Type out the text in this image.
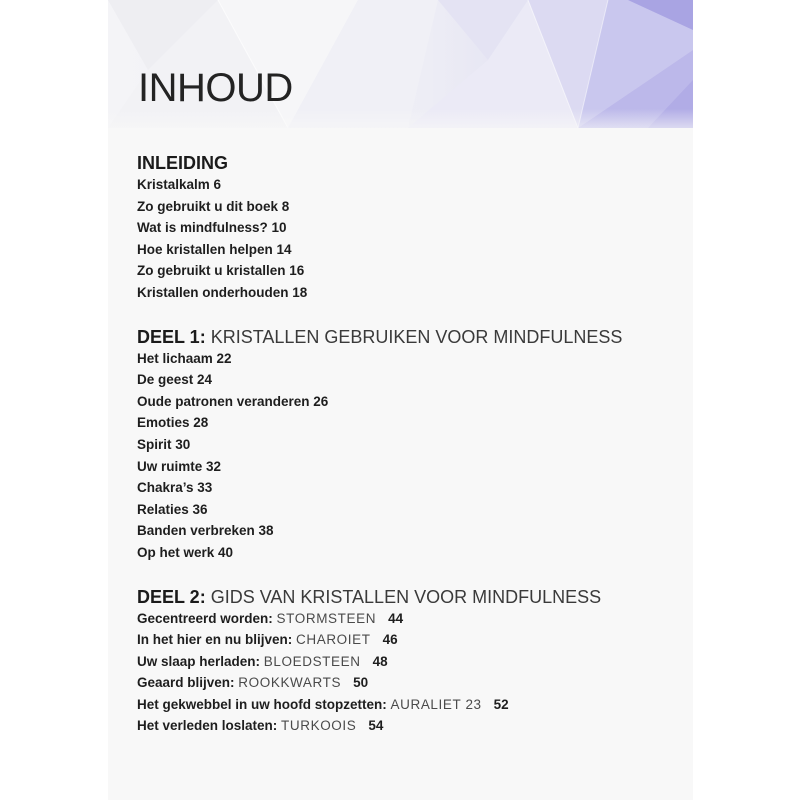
INHOUD
INLEIDING
Kristalkalm 6
Zo gebruikt u dit boek 8
Wat is mindfulness? 10
Hoe kristallen helpen 14
Zo gebruikt u kristallen 16
Kristallen onderhouden 18
DEEL 1: KRISTALLEN GEBRUIKEN VOOR MINDFULNESS
Het lichaam 22
De geest 24
Oude patronen veranderen 26
Emoties 28
Spirit 30
Uw ruimte 32
Chakra’s 33
Relaties 36
Banden verbreken 38
Op het werk 40
DEEL 2: GIDS VAN KRISTALLEN VOOR MINDFULNESS
Gecentreerd worden: STORMSTEEN 44
In het hier en nu blijven: CHAROIET 46
Uw slaap herladen: BLOEDSTEEN 48
Geaard blijven: ROOKKWARTS 50
Het gekwebbel in uw hoofd stopzetten: AURALIET 23 52
Het verleden loslaten: TURKOOIS 54
